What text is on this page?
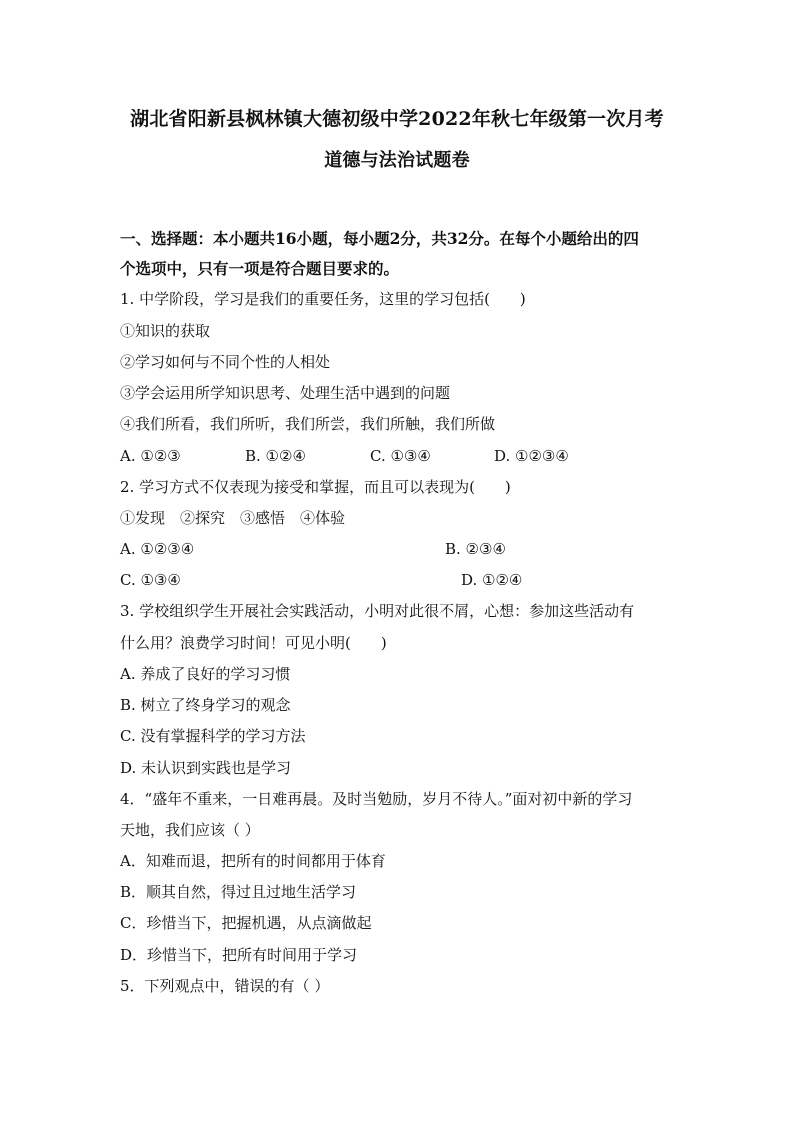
湖北省阳新县枫林镇大德初级中学2022年秋七年级第一次月考
道德与法治试题卷
一、选择题：本小题共16小题，每小题2分，共32分。在每个小题给出的四
个选项中，只有一项是符合题目要求的。
1. 中学阶段，学习是我们的重要任务，这里的学习包括(　　)
①知识的获取
②学习如何与不同个性的人相处
③学会运用所学知识思考、处理生活中遇到的问题
④我们所看，我们所听，我们所尝，我们所触，我们所做
A. ①②③	B. ①②④	C. ①③④	D. ①②③④
2. 学习方式不仅表现为接受和掌握，而且可以表现为(　　)
①发现　②探究　③感悟　④体验
A. ①②③④	B. ②③④
C. ①③④	D. ①②④
3. 学校组织学生开展社会实践活动，小明对此很不屑，心想：参加这些活动有
什么用？浪费学习时间！可见小明(　　)
A. 养成了良好的学习习惯
B. 树立了终身学习的观念
C. 没有掌握科学的学习方法
D. 未认识到实践也是学习
4．“盛年不重来，一日难再晨。及时当勉励，岁月不待人。”面对初中新的学习
天地，我们应该（ ）
A．知难而退，把所有的时间都用于体育
B．顺其自然，得过且过地生活学习
C．珍惜当下，把握机遇，从点滴做起
D．珍惜当下，把所有时间用于学习
5．下列观点中，错误的有（ ）
